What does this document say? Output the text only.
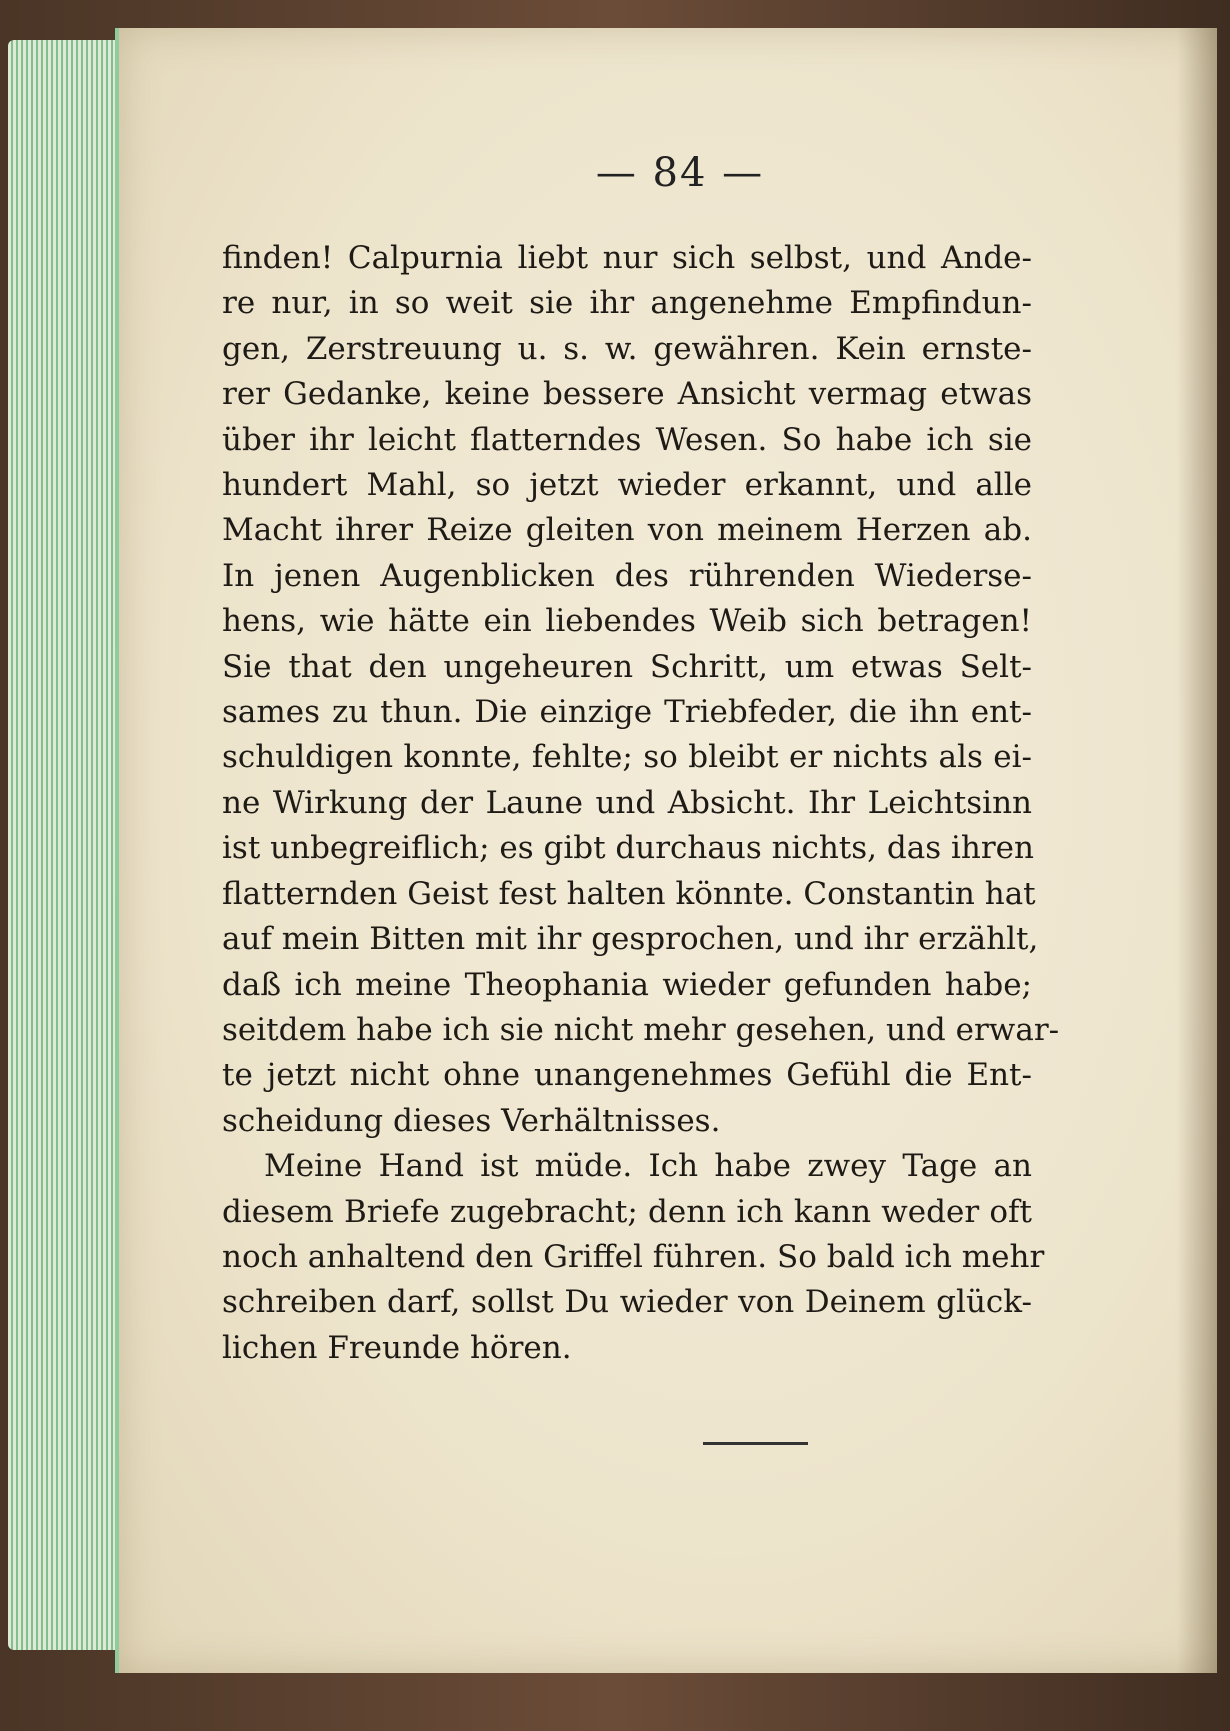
— 84 —
finden! Calpurnia liebt nur sich selbst, und Ande-
re nur, in so weit sie ihr angenehme Empfindun-
gen, Zerstreuung u. s. w. gewähren. Kein ernste-
rer Gedanke, keine bessere Ansicht vermag etwas
über ihr leicht flatterndes Wesen. So habe ich sie
hundert Mahl, so jetzt wieder erkannt, und alle
Macht ihrer Reize gleiten von meinem Herzen ab.
In jenen Augenblicken des rührenden Wiederse-
hens, wie hätte ein liebendes Weib sich betragen!
Sie that den ungeheuren Schritt, um etwas Selt-
sames zu thun. Die einzige Triebfeder, die ihn ent-
schuldigen konnte, fehlte; so bleibt er nichts als ei-
ne Wirkung der Laune und Absicht. Ihr Leichtsinn
ist unbegreiflich; es gibt durchaus nichts, das ihren
flatternden Geist fest halten könnte. Constantin hat
auf mein Bitten mit ihr gesprochen, und ihr erzählt,
daß ich meine Theophania wieder gefunden habe;
seitdem habe ich sie nicht mehr gesehen, und erwar-
te jetzt nicht ohne unangenehmes Gefühl die Ent-
scheidung dieses Verhältnisses.
Meine Hand ist müde. Ich habe zwey Tage an
diesem Briefe zugebracht; denn ich kann weder oft
noch anhaltend den Griffel führen. So bald ich mehr
schreiben darf, sollst Du wieder von Deinem glück-
lichen Freunde hören.
